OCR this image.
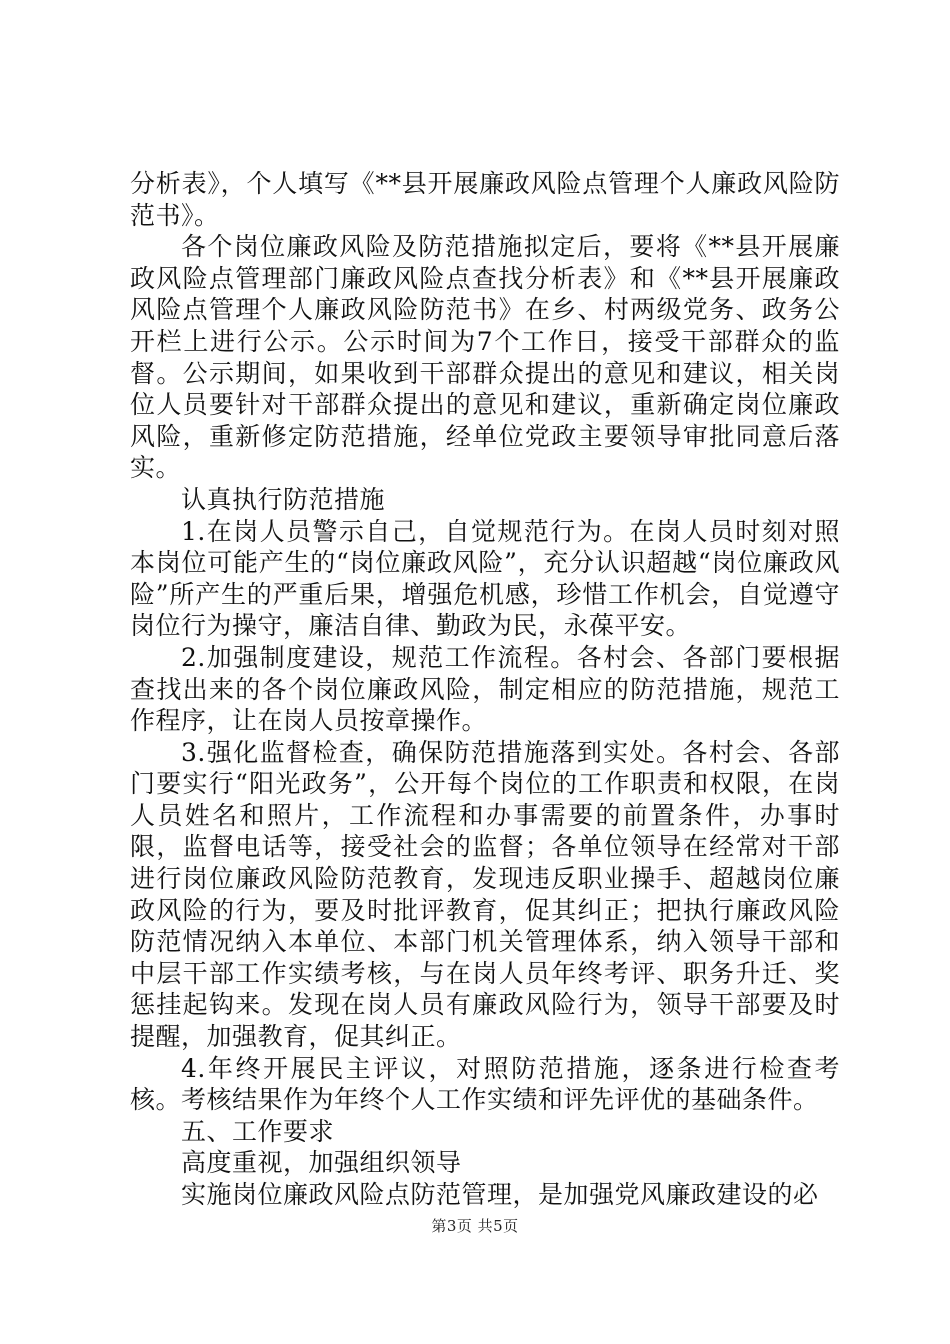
分析表》，个人填写《**县开展廉政风险点管理个人廉政风险防范书》。

各个岗位廉政风险及防范措施拟定后，要将《**县开展廉政风险点管理部门廉政风险点查找分析表》和《**县开展廉政风险点管理个人廉政风险防范书》在乡、村两级党务、政务公开栏上进行公示。公示时间为7个工作日，接受干部群众的监督。公示期间，如果收到干部群众提出的意见和建议，相关岗位人员要针对干部群众提出的意见和建议，重新确定岗位廉政风险，重新修定防范措施，经单位党政主要领导审批同意后落实。

认真执行防范措施

1.在岗人员警示自己，自觉规范行为。在岗人员时刻对照本岗位可能产生的“岗位廉政风险”，充分认识超越“岗位廉政风险”所产生的严重后果，增强危机感，珍惜工作机会，自觉遵守岗位行为操守，廉洁自律、勤政为民，永葆平安。

2.加强制度建设，规范工作流程。各村会、各部门要根据查找出来的各个岗位廉政风险，制定相应的防范措施，规范工作程序，让在岗人员按章操作。

3.强化监督检查，确保防范措施落到实处。各村会、各部门要实行“阳光政务”，公开每个岗位的工作职责和权限，在岗人员姓名和照片，工作流程和办事需要的前置条件，办事时限，监督电话等，接受社会的监督；各单位领导在经常对干部进行岗位廉政风险防范教育，发现违反职业操手、超越岗位廉政风险的行为，要及时批评教育，促其纠正；把执行廉政风险防范情况纳入本单位、本部门机关管理体系，纳入领导干部和中层干部工作实绩考核，与在岗人员年终考评、职务升迁、奖惩挂起钩来。发现在岗人员有廉政风险行为，领导干部要及时提醒，加强教育，促其纠正。

4.年终开展民主评议，对照防范措施，逐条进行检查考核。考核结果作为年终个人工作实绩和评先评优的基础条件。

五、工作要求

高度重视，加强组织领导

实施岗位廉政风险点防范管理，是加强党风廉政建设的必

第3页 共5页
